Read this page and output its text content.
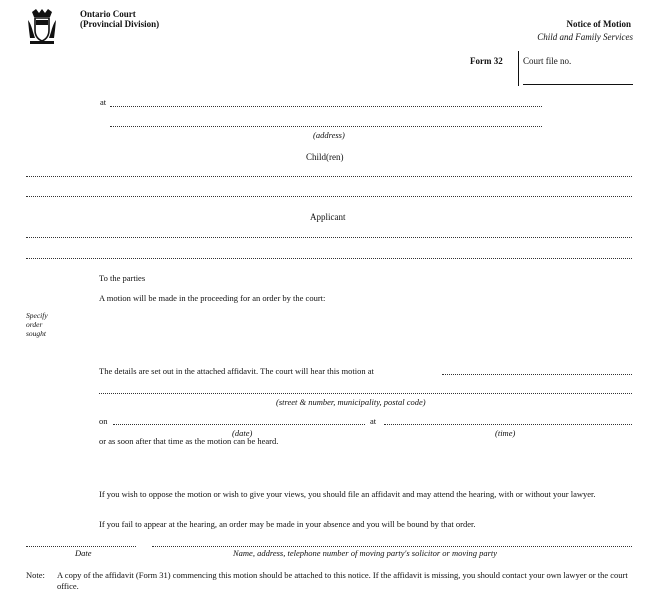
Ontario Court
(Provincial Division)	Notice of Motion
Child and Family Services
Form 32 Court file no.
at
(address)
Child(ren)
Applicant
To the parties
A motion will be made in the proceeding for an order by the court:
Specify
order
sought
The details are set out in the attached affidavit. The court will hear this motion at
(street & number, municipality, postal code)
on	at
(date)	(time)
or as soon after that time as the motion can be heard.
If you wish to oppose the motion or wish to give your views, you should file an affidavit and may attend the hearing, with or without your lawyer.
If you fail to appear at the hearing, an order may be made in your absence and you will be bound by that order.
Date	Name, address, telephone number of moving party's solicitor or moving party
Note: A copy of the affidavit (Form 31) commencing this motion should be attached to this notice. If the affidavit is missing, you should contact your own lawyer or the court office.
